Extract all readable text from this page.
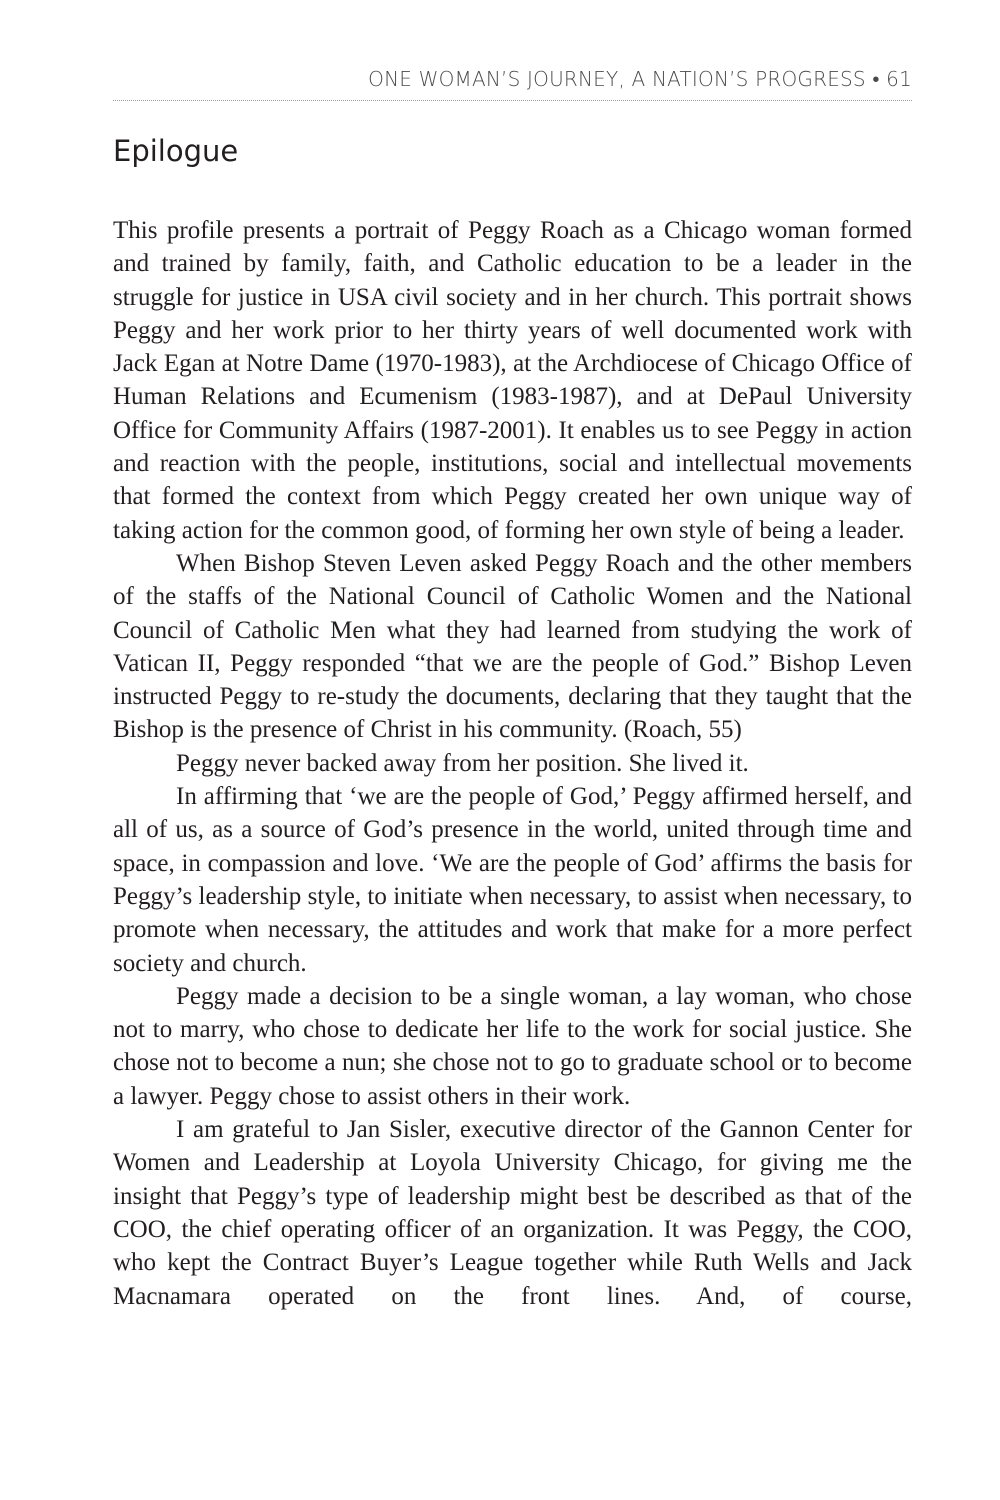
ONE WOMAN’S JOURNEY, A NATION’S PROGRESS • 61
Epilogue

This profile presents a portrait of Peggy Roach as a Chicago woman formed and trained by family, faith, and Catholic education to be a leader in the struggle for justice in USA civil society and in her church. This portrait shows Peggy and her work prior to her thirty years of well documented work with Jack Egan at Notre Dame (1970-1983), at the Archdiocese of Chicago Office of Human Relations and Ecumenism (1983-1987), and at DePaul University Office for Community Affairs (1987-2001). It enables us to see Peggy in action and reaction with the people, institutions, social and intellectual movements that formed the context from which Peggy created her own unique way of taking action for the common good, of forming her own style of being a leader.

When Bishop Steven Leven asked Peggy Roach and the other members of the staffs of the National Council of Catholic Women and the National Council of Catholic Men what they had learned from studying the work of Vatican II, Peggy responded “that we are the people of God.” Bishop Leven instructed Peggy to re-study the documents, declaring that they taught that the Bishop is the presence of Christ in his community. (Roach, 55)

Peggy never backed away from her position. She lived it.

In affirming that ‘we are the people of God,’ Peggy affirmed herself, and all of us, as a source of God’s presence in the world, united through time and space, in compassion and love. ‘We are the people of God’ affirms the basis for Peggy’s leadership style, to initiate when necessary, to assist when necessary, to promote when necessary, the attitudes and work that make for a more perfect society and church.

Peggy made a decision to be a single woman, a lay woman, who chose not to marry, who chose to dedicate her life to the work for social justice. She chose not to become a nun; she chose not to go to graduate school or to become a lawyer. Peggy chose to assist others in their work.

I am grateful to Jan Sisler, executive director of the Gannon Center for Women and Leadership at Loyola University Chicago, for giving me the insight that Peggy’s type of leadership might best be described as that of the COO, the chief operating officer of an organization. It was Peggy, the COO, who kept the Contract Buyer’s League together while Ruth Wells and Jack Macnamara operated on the front lines. And, of course,
